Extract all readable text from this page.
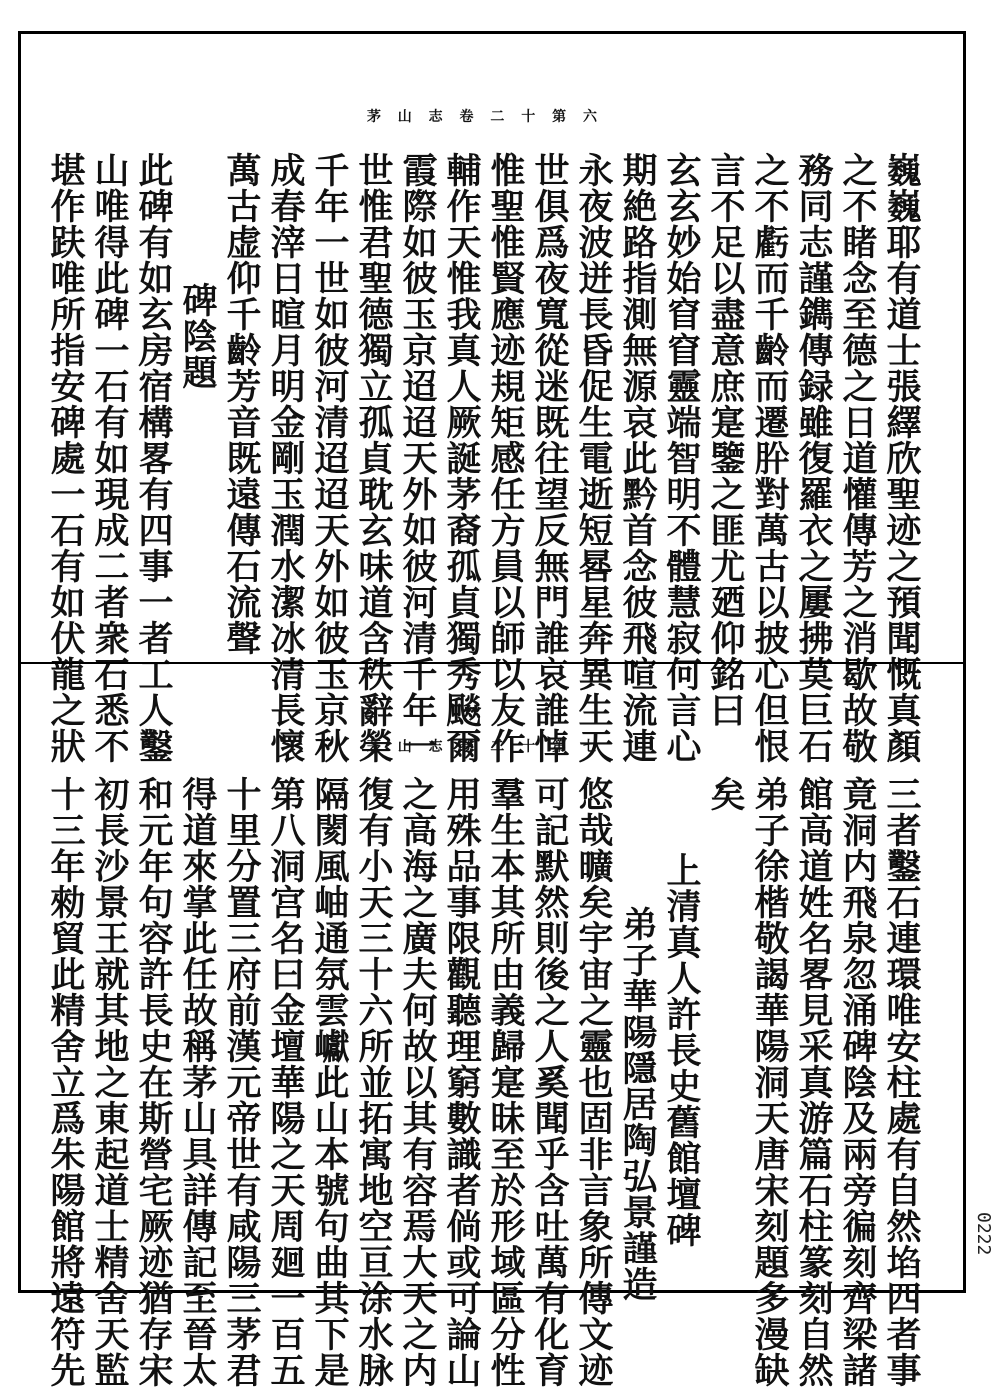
茅 山 志 卷 二 十 第 六
巍巍耶有道士張繹欣聖迹之預聞慨真顏
之不睹念至德之日道懽傳芳之消歇故敬
務同志謹鐫傳録雖復羅衣之屢拂莫巨石
之不虧而千齡而遷肸對萬古以披心但恨
言不足以盡意庶寔鑒之匪尤廼仰銘曰
玄玄妙始窅窅靈端智明不體慧寂何言心
期絶路指測無源哀此黔首念彼飛喧流連
永夜波迸長昏促生電逝短晷星奔異生天
世俱爲夜寬從迷既往望反無門誰哀誰悼
惟聖惟賢應迹規矩感任方員以師以友作
輔作天惟我真人厥誕茅裔孤貞獨秀飈爾
霞際如彼玉京迢迢天外如彼河清千年一
世惟君聖德獨立孤貞耽玄味道含秩辭榮
千年一世如彼河清迢迢天外如彼玉京秋
成春滓日暄月明金剛玉潤水潔冰清長懷
萬古虚仰千齡芳音既遠傳石流聲
碑陰題
此碑有如玄房宿構畧有四事一者工人鑿
山唯得此碑一石有如現成二者衆石悉不
堪作趺唯所指安碑處一石有如伏龍之狀	茅 山 志 卷 二 十 第 七
三者鑿石連環唯安柱處有自然埳四者事
竟洞内飛泉忽涌碑陰及兩旁徧刻齊梁諸
館高道姓名畧見采真游篇石柱篆刻自然
弟子徐楷敬謁華陽洞天唐宋刻題多漫缺
矣
上清真人許長史舊館壇碑
弟子華陽隱居陶弘景謹造
悠哉曠矣宇宙之靈也固非言象所傳文迹
可記默然則後之人奚聞乎含吐萬有化育
羣生本其所由義歸寔昧至於形域區分性
用殊品事限觀聽理窮數識者倘或可論山
之高海之廣夫何故以其有容焉大天之内
復有小天三十六所並拓寓地空亘涂水脉
隔閡風岫通氛雲巘此山本號句曲其下是
第八洞宫名曰金壇華陽之天周廻一百五
十里分置三府前漢元帝世有咸陽三茅君
得道來掌此任故稱茅山具詳傳記至晉太
和元年句容許長史在斯營宅厥迹猶存宋
初長沙景王就其地之東起道士精舍天監
十三年勑貿此精舍立爲朱陽館將遠符先	0222
